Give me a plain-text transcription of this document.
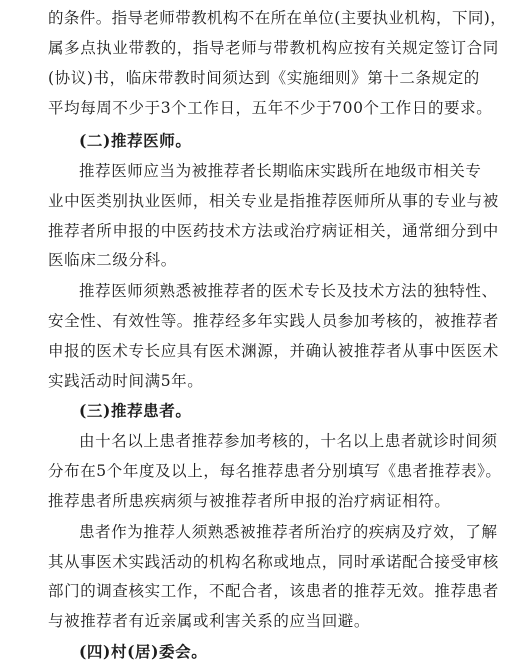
的条件。指导老师带教机构不在所在单位(主要执业机构，下同)，
属多点执业带教的，指导老师与带教机构应按有关规定签订合同
(协议)书，临床带教时间须达到《实施细则》第十二条规定的
平均每周不少于3个工作日，五年不少于700个工作日的要求。
(二)推荐医师。
推荐医师应当为被推荐者长期临床实践所在地级市相关专
业中医类别执业医师，相关专业是指推荐医师所从事的专业与被
推荐者所申报的中医药技术方法或治疗病证相关，通常细分到中
医临床二级分科。
推荐医师须熟悉被推荐者的医术专长及技术方法的独特性、
安全性、有效性等。推荐经多年实践人员参加考核的，被推荐者
申报的医术专长应具有医术渊源，并确认被推荐者从事中医医术
实践活动时间满5年。
(三)推荐患者。
由十名以上患者推荐参加考核的，十名以上患者就诊时间须
分布在5个年度及以上，每名推荐患者分别填写《患者推荐表》。
推荐患者所患疾病须与被推荐者所申报的治疗病证相符。
患者作为推荐人须熟悉被推荐者所治疗的疾病及疗效，了解
其从事医术实践活动的机构名称或地点，同时承诺配合接受审核
部门的调查核实工作，不配合者，该患者的推荐无效。推荐患者
与被推荐者有近亲属或利害关系的应当回避。
(四)村(居)委会。
